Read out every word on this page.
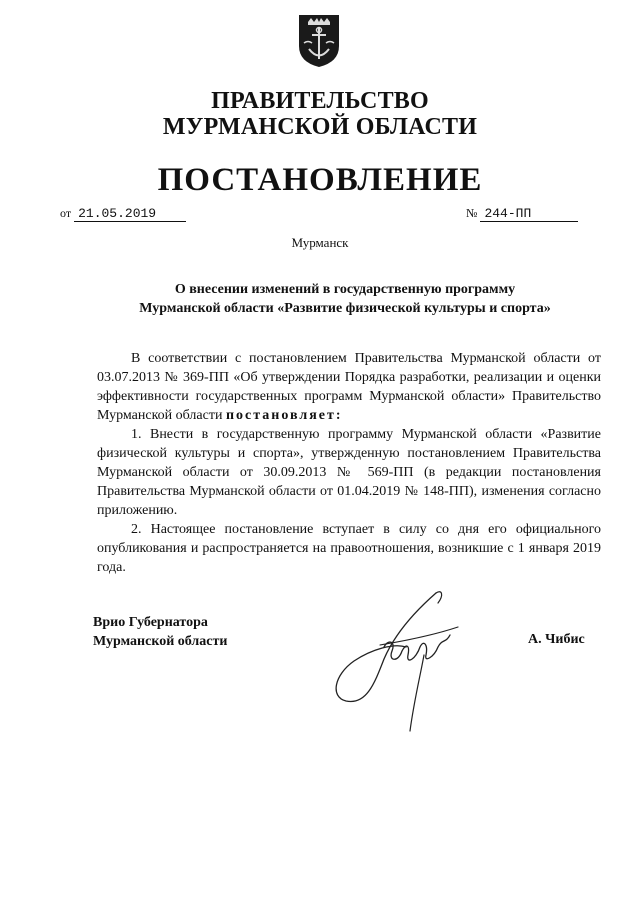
ПРАВИТЕЛЬСТВО
МУРМАНСКОЙ ОБЛАСТИ
ПОСТАНОВЛЕНИЕ
от 21.05.2019	№ 244-ПП
Мурманск
О внесении изменений в государственную программу
Мурманской области «Развитие физической культуры и спорта»

В соответствии с постановлением Правительства Мурманской области от 03.07.2013 № 369-ПП «Об утверждении Порядка разработки, реализации и оценки эффективности государственных программ Мурманской области» Правительство Мурманской области постановляет:

1. Внести в государственную программу Мурманской области «Развитие физической культуры и спорта», утвержденную постановлением Правительства Мурманской области от 30.09.2013 № 569-ПП (в редакции постановления Правительства Мурманской области от 01.04.2019 № 148-ПП), изменения согласно приложению.

2. Настоящее постановление вступает в силу со дня его официального опубликования и распространяется на правоотношения, возникшие с 1 января 2019 года.

Врио Губернатора
Мурманской области	А. Чибис
